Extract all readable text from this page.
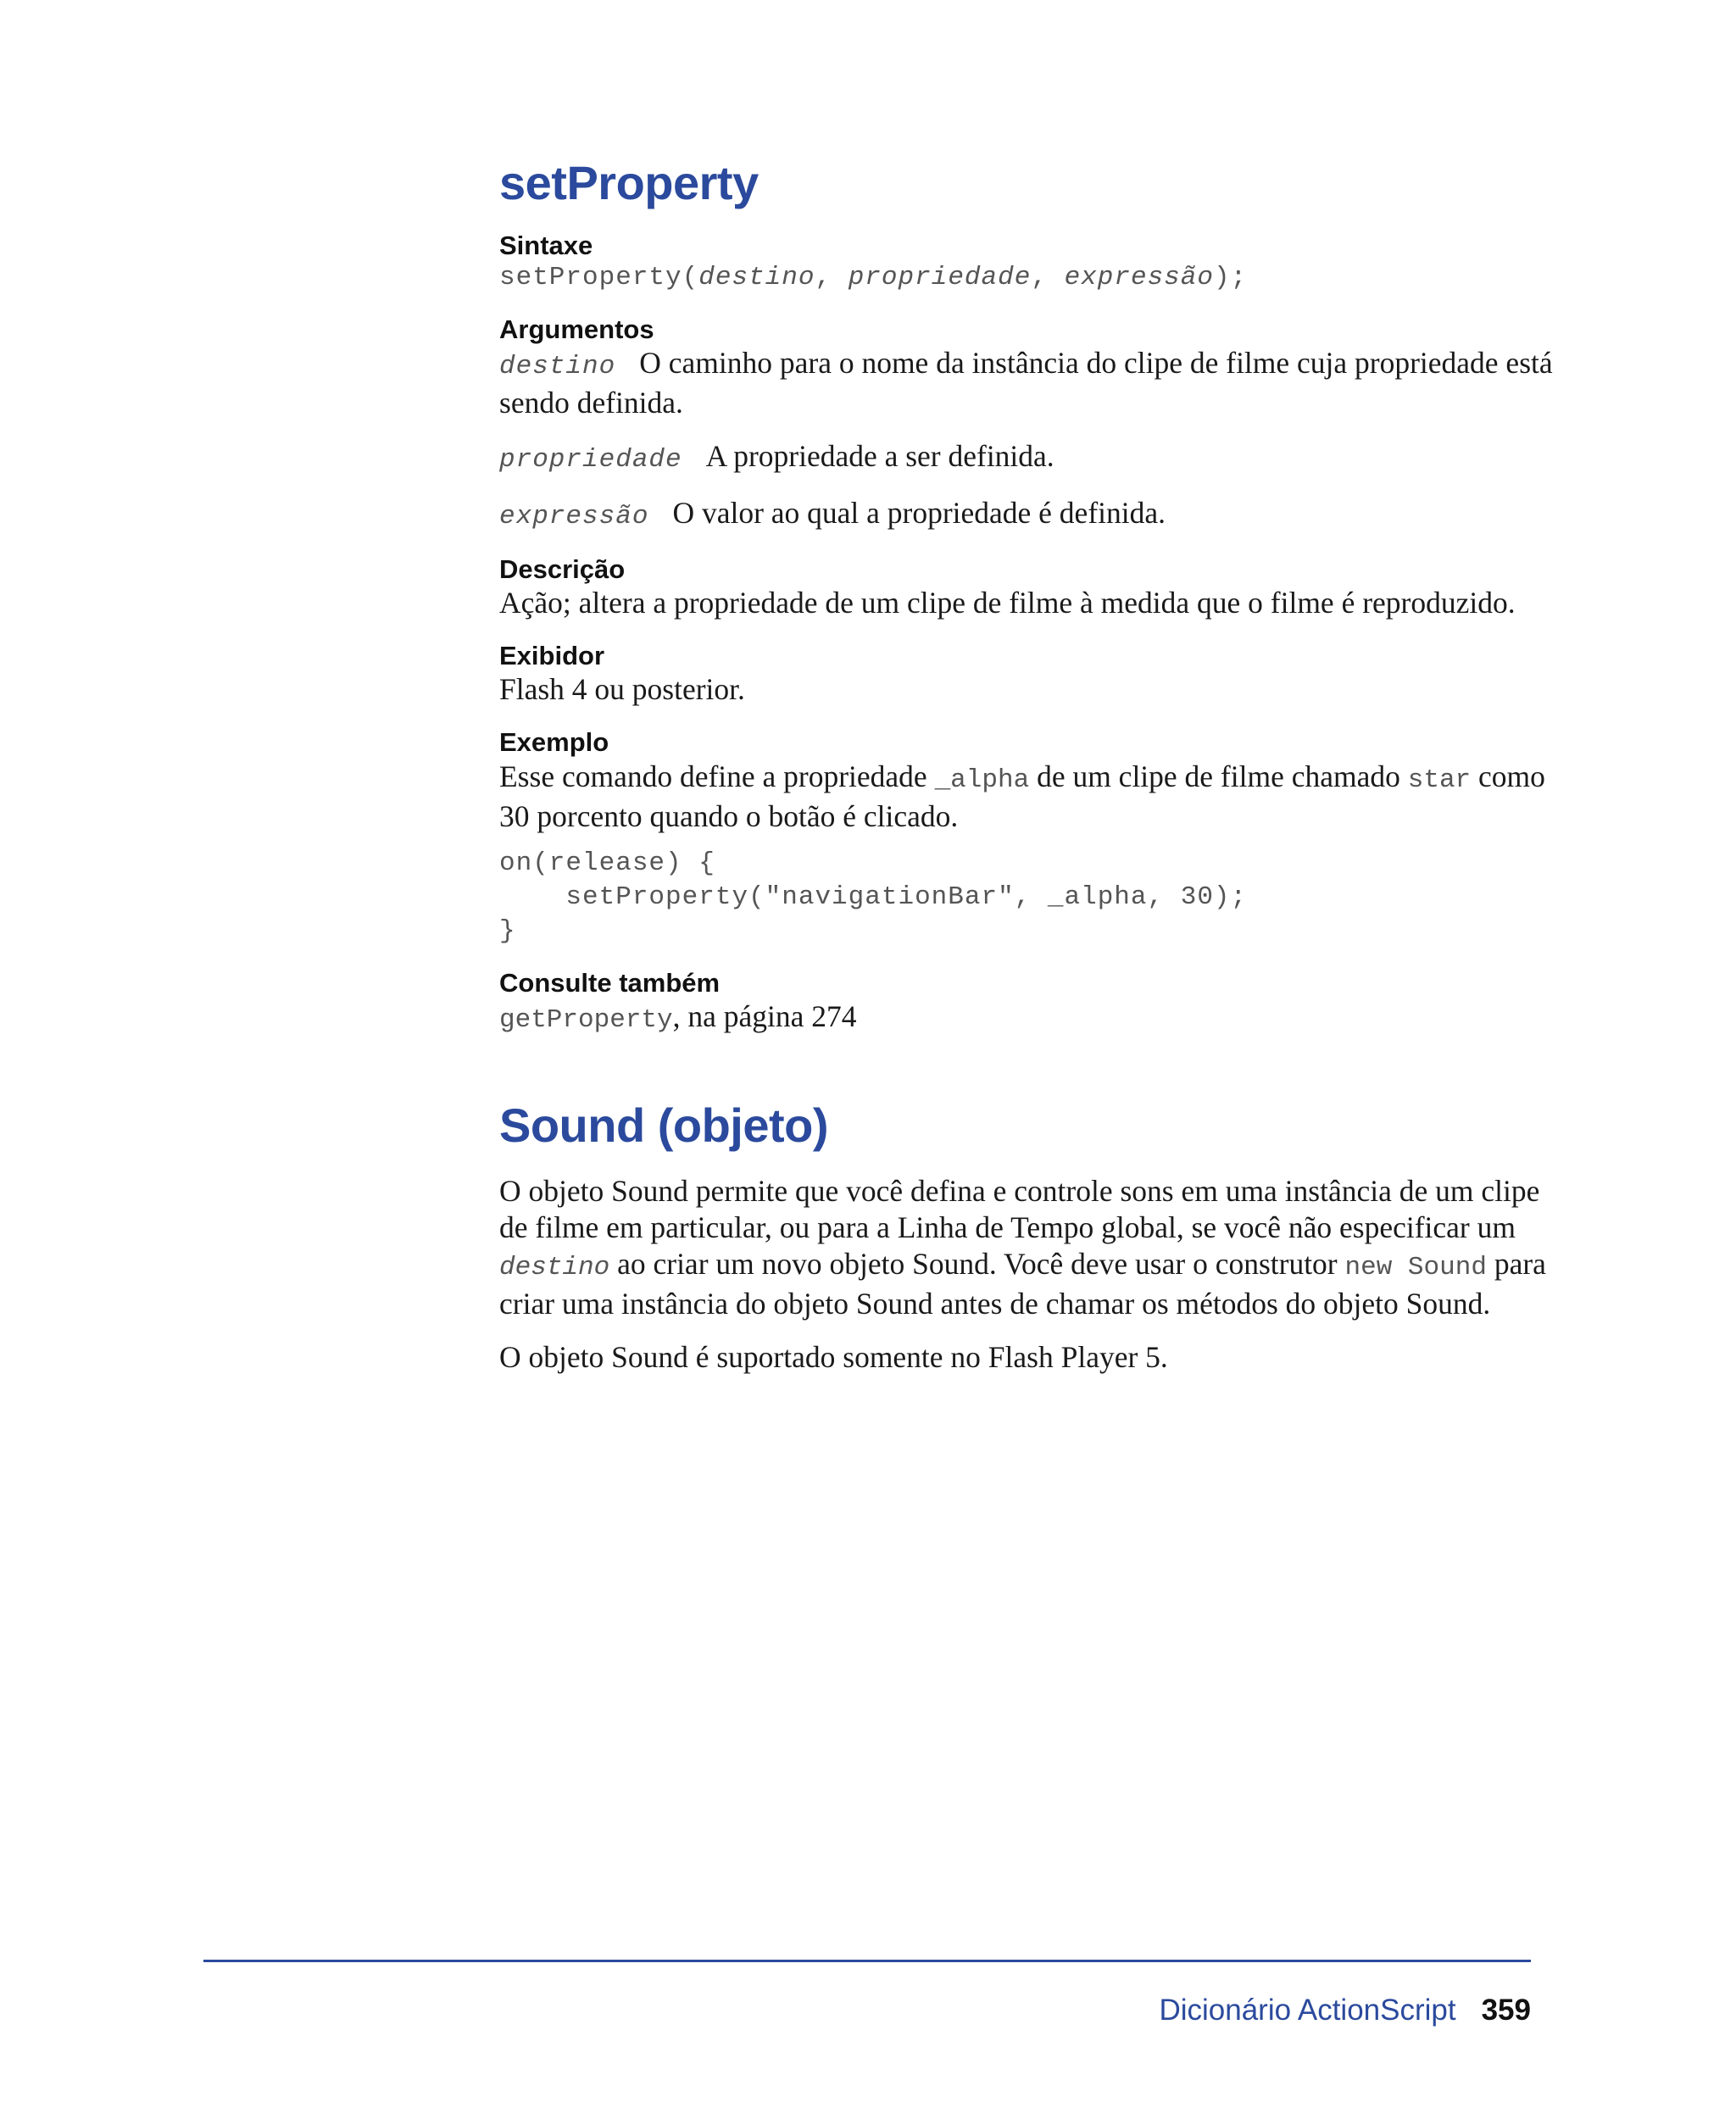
setProperty
Sintaxe
setProperty(destino, propriedade, expressão);
Argumentos

destino O caminho para o nome da instância do clipe de filme cuja propriedade está sendo definida.

propriedade A propriedade a ser definida.

expressão O valor ao qual a propriedade é definida.

Descrição

Ação; altera a propriedade de um clipe de filme à medida que o filme é reproduzido.

Exibidor

Flash 4 ou posterior.

Exemplo

Esse comando define a propriedade _alpha de um clipe de filme chamado star como 30 porcento quando o botão é clicado.

on(release) {
setProperty("navigationBar", _alpha, 30);
}
Consulte também

getProperty, na página 274

Sound (objeto)

O objeto Sound permite que você defina e controle sons em uma instância de um clipe de filme em particular, ou para a Linha de Tempo global, se você não especificar um destino ao criar um novo objeto Sound. Você deve usar o construtor new Sound para criar uma instância do objeto Sound antes de chamar os métodos do objeto Sound.

O objeto Sound é suportado somente no Flash Player 5.

Dicionário ActionScript 359
